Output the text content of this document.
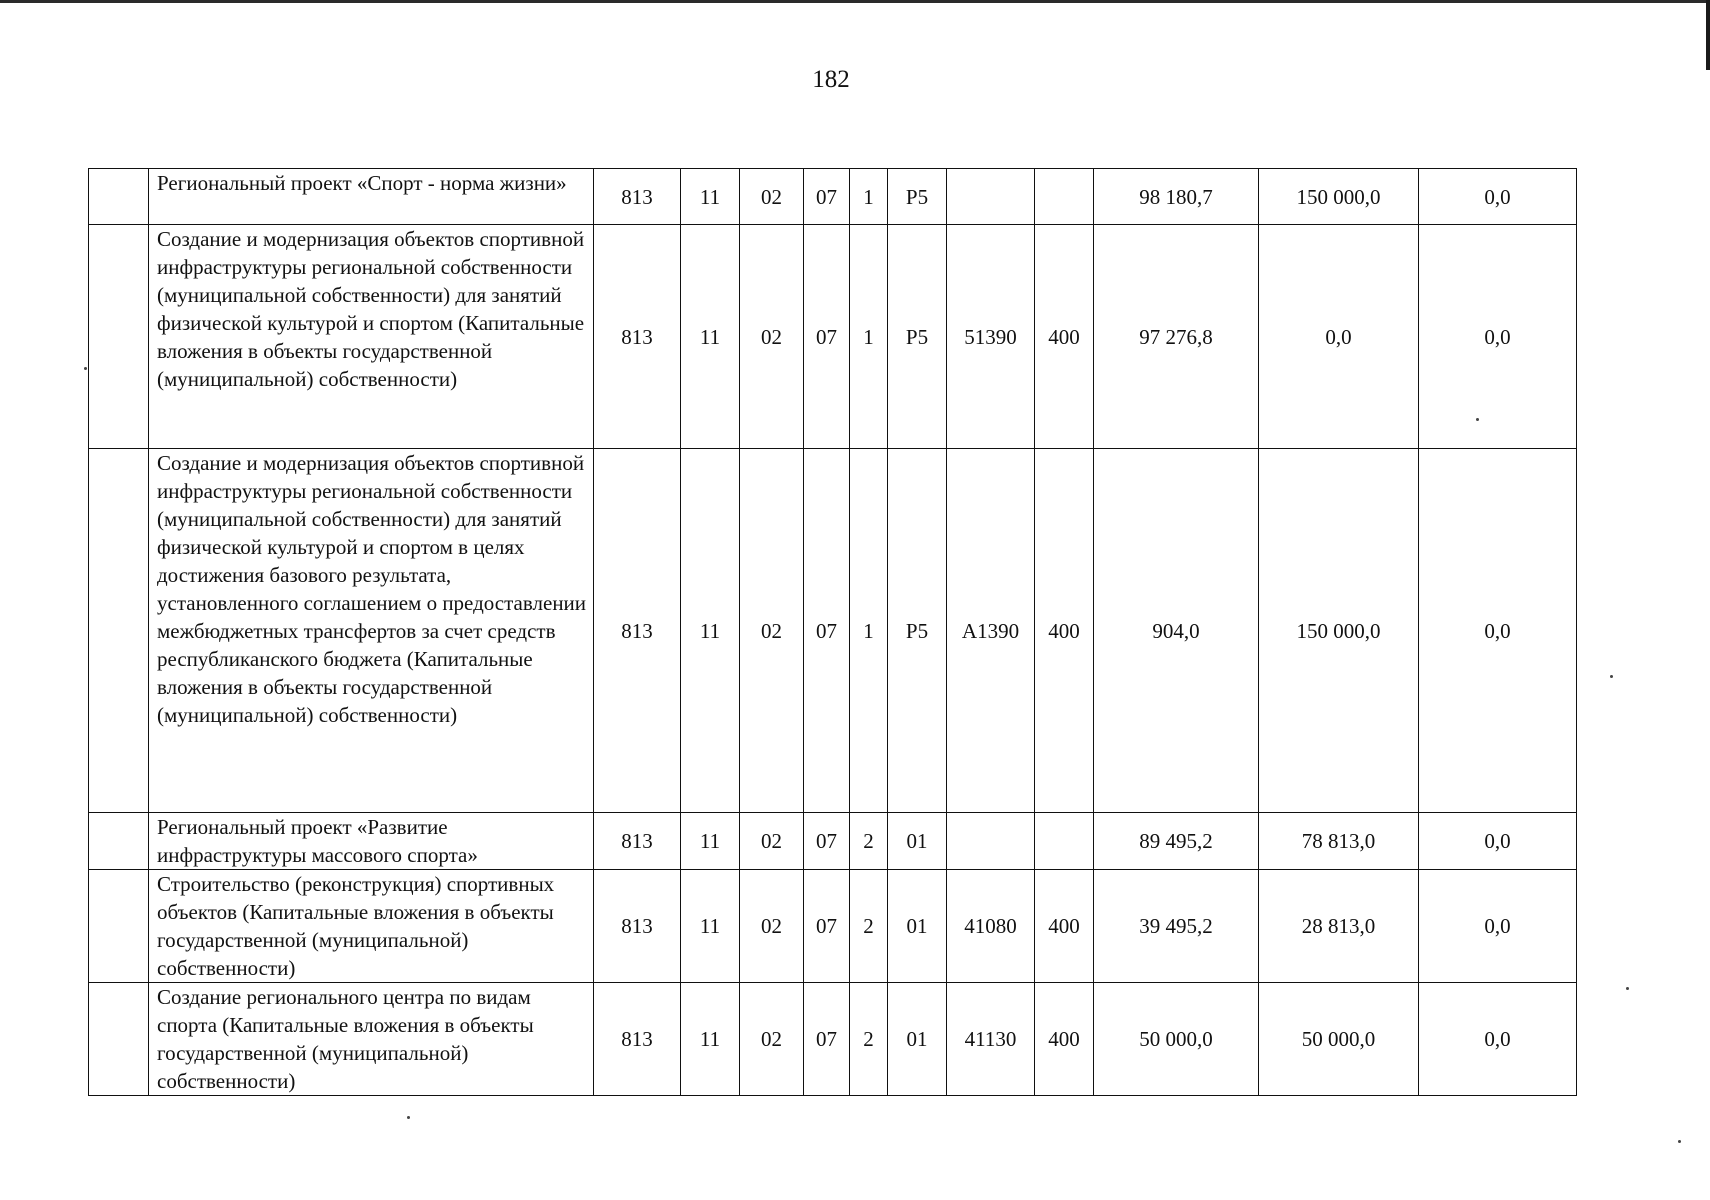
182
	Региональный проект «Спорт - норма жизни»	813	11	02	07	1	P5			98 180,7	150 000,0	0,0
	Создание и модернизация объектов спортивной инфраструктуры региональной собственности (муниципальной собственности) для занятий физической культурой и спортом (Капитальные вложения в объекты государственной (муниципальной) собственности)	813	11	02	07	1	P5	51390	400	97 276,8	0,0	0,0
	Создание и модернизация объектов спортивной инфраструктуры региональной собственности (муниципальной собственности) для занятий физической культурой и спортом в целях достижения базового результата, установленного соглашением о предоставлении межбюджетных трансфертов за счет средств республиканского бюджета (Капитальные вложения в объекты государственной (муниципальной) собственности)	813	11	02	07	1	P5	A1390	400	904,0	150 000,0	0,0
	Региональный проект «Развитие инфраструктуры массового спорта»	813	11	02	07	2	01			89 495,2	78 813,0	0,0
	Строительство (реконструкция) спортивных объектов (Капитальные вложения в объекты государственной (муниципальной) собственности)	813	11	02	07	2	01	41080	400	39 495,2	28 813,0	0,0
	Создание регионального центра по видам спорта (Капитальные вложения в объекты государственной (муниципальной) собственности)	813	11	02	07	2	01	41130	400	50 000,0	50 000,0	0,0
